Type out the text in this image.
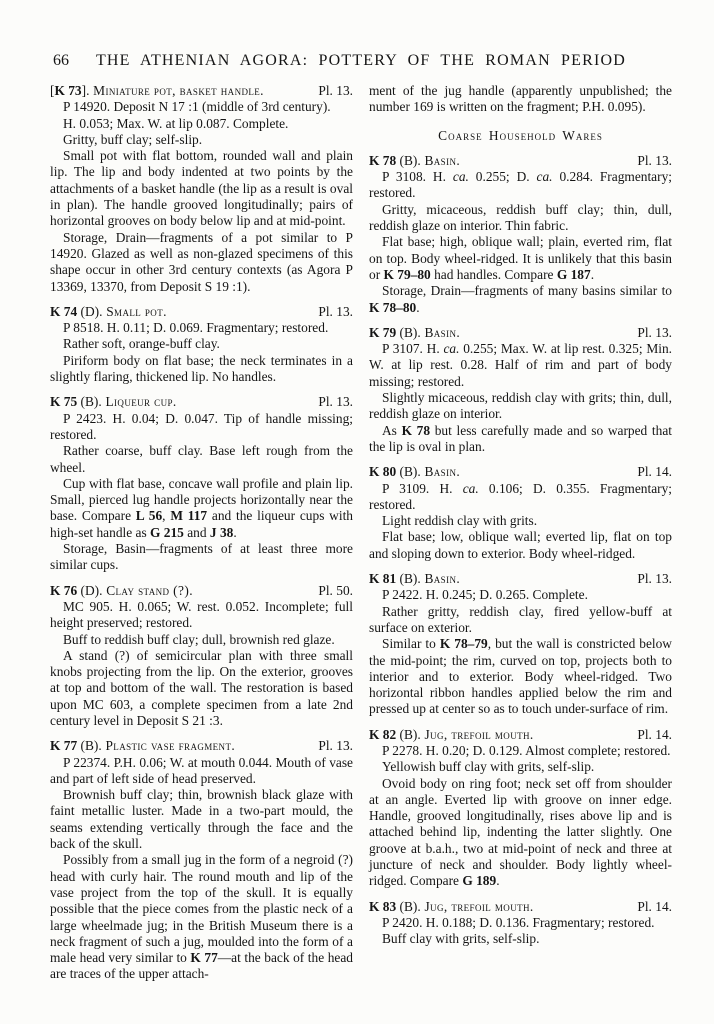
66 THE ATHENIAN AGORA: POTTERY OF THE ROMAN PERIOD
[K 73]. Miniature pot, basket handle.	Pl. 13.

P 14920. Deposit N 17 :1 (middle of 3rd century).

H. 0.053; Max. W. at lip 0.087. Complete.

Gritty, buff clay; self-slip.

Small pot with flat bottom, rounded wall and plain lip. The lip and body indented at two points by the attachments of a basket handle (the lip as a result is oval in plan). The handle grooved longitudinally; pairs of horizontal grooves on body below lip and at mid-point.

Storage, Drain—fragments of a pot similar to P 14920. Glazed as well as non-glazed specimens of this shape occur in other 3rd century contexts (as Agora P 13369, 13370, from Deposit S 19 :1).

K 74 (D). Small pot.	Pl. 13.

P 8518. H. 0.11; D. 0.069. Fragmentary; restored.

Rather soft, orange-buff clay.

Piriform body on flat base; the neck terminates in a slightly flaring, thickened lip. No handles.

K 75 (B). Liqueur cup.	Pl. 13.

P 2423. H. 0.04; D. 0.047. Tip of handle missing; restored.

Rather coarse, buff clay. Base left rough from the wheel.

Cup with flat base, concave wall profile and plain lip. Small, pierced lug handle projects horizontally near the base. Compare L 56, M 117 and the liqueur cups with high-set handle as G 215 and J 38.

Storage, Basin—fragments of at least three more similar cups.

K 76 (D). Clay stand (?).	Pl. 50.

MC 905. H. 0.065; W. rest. 0.052. Incomplete; full height preserved; restored.

Buff to reddish buff clay; dull, brownish red glaze.

A stand (?) of semicircular plan with three small knobs projecting from the lip. On the exterior, grooves at top and bottom of the wall. The restoration is based upon MC 603, a complete specimen from a late 2nd century level in Deposit S 21 :3.

K 77 (B). Plastic vase fragment.	Pl. 13.

P 22374. P.H. 0.06; W. at mouth 0.044. Mouth of vase and part of left side of head preserved.

Brownish buff clay; thin, brownish black glaze with faint metallic luster. Made in a two-part mould, the seams extending vertically through the face and the back of the skull.

Possibly from a small jug in the form of a negroid (?) head with curly hair. The round mouth and lip of the vase project from the top of the skull. It is equally possible that the piece comes from the plastic neck of a large wheelmade jug; in the British Museum there is a neck fragment of such a jug, moulded into the form of a male head very similar to K 77—at the back of the head are traces of the upper attach-

ment of the jug handle (apparently unpublished; the number 169 is written on the fragment; P.H. 0.095).

Coarse Household Wares
K 78 (B). Basin.	Pl. 13.

P 3108. H. ca. 0.255; D. ca. 0.284. Fragmentary; restored.

Gritty, micaceous, reddish buff clay; thin, dull, reddish glaze on interior. Thin fabric.

Flat base; high, oblique wall; plain, everted rim, flat on top. Body wheel-ridged. It is unlikely that this basin or K 79–80 had handles. Compare G 187.

Storage, Drain—fragments of many basins similar to K 78–80.

K 79 (B). Basin.	Pl. 13.

P 3107. H. ca. 0.255; Max. W. at lip rest. 0.325; Min. W. at lip rest. 0.28. Half of rim and part of body missing; restored.

Slightly micaceous, reddish clay with grits; thin, dull, reddish glaze on interior.

As K 78 but less carefully made and so warped that the lip is oval in plan.

K 80 (B). Basin.	Pl. 14.

P 3109. H. ca. 0.106; D. 0.355. Fragmentary; restored.

Light reddish clay with grits.

Flat base; low, oblique wall; everted lip, flat on top and sloping down to exterior. Body wheel-ridged.

K 81 (B). Basin.	Pl. 13.

P 2422. H. 0.245; D. 0.265. Complete.

Rather gritty, reddish clay, fired yellow-buff at surface on exterior.

Similar to K 78–79, but the wall is constricted below the mid-point; the rim, curved on top, projects both to interior and to exterior. Body wheel-ridged. Two horizontal ribbon handles applied below the rim and pressed up at center so as to touch under-surface of rim.

K 82 (B). Jug, trefoil mouth.	Pl. 14.

P 2278. H. 0.20; D. 0.129. Almost complete; restored.

Yellowish buff clay with grits, self-slip.

Ovoid body on ring foot; neck set off from shoulder at an angle. Everted lip with groove on inner edge. Handle, grooved longitudinally, rises above lip and is attached behind lip, indenting the latter slightly. One groove at b.a.h., two at mid-point of neck and three at juncture of neck and shoulder. Body lightly wheel-ridged. Compare G 189.

K 83 (B). Jug, trefoil mouth.	Pl. 14.

P 2420. H. 0.188; D. 0.136. Fragmentary; restored.

Buff clay with grits, self-slip.
